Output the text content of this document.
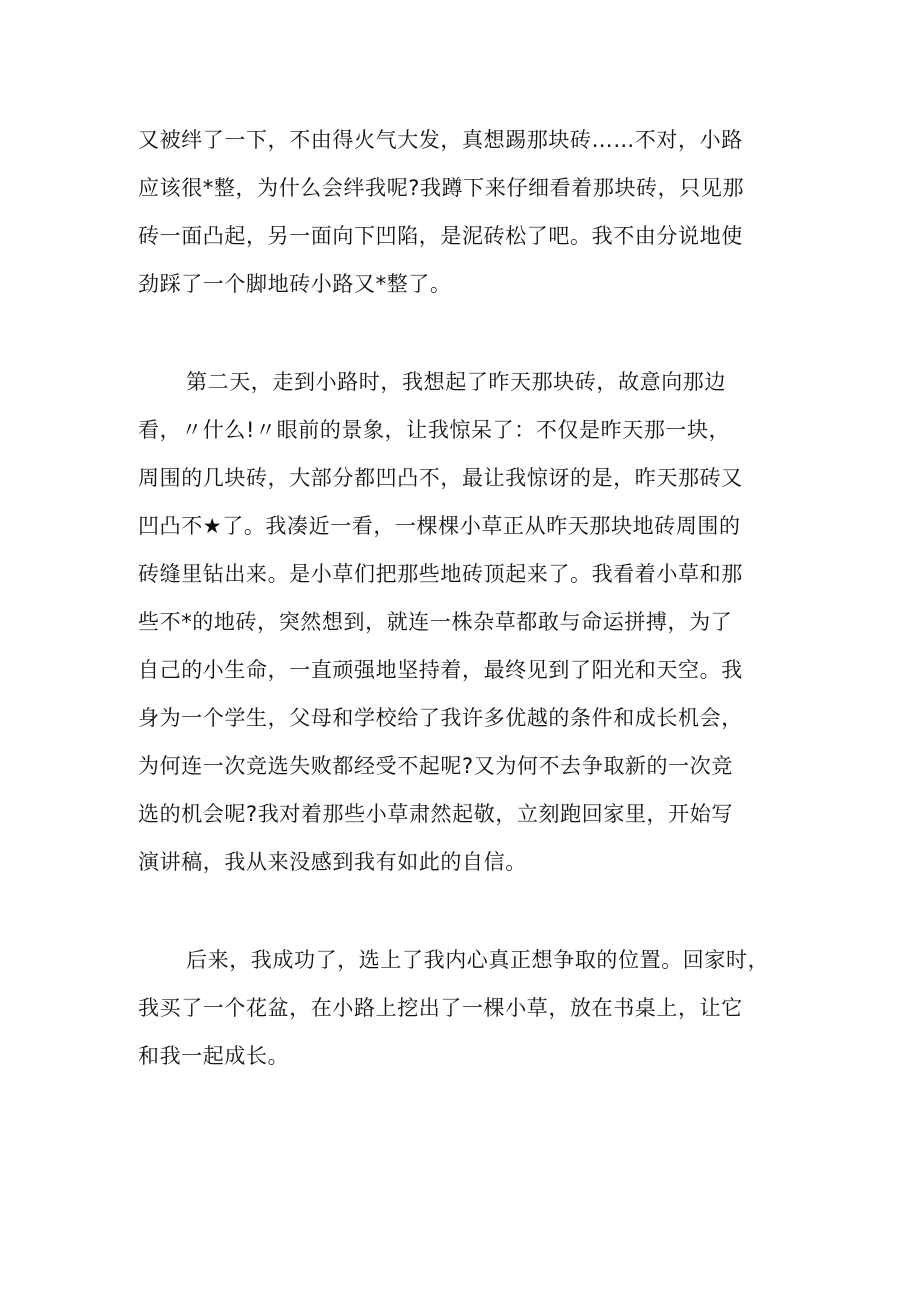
又被绊了一下，不由得火气大发，真想踢那块砖……不对，小路
应该很*整，为什么会绊我呢?我蹲下来仔细看着那块砖，只见那
砖一面凸起，另一面向下凹陷，是泥砖松了吧。我不由分说地使
劲踩了一个脚地砖小路又*整了。
第二天，走到小路时，我想起了昨天那块砖，故意向那边
看，〃什么!〃眼前的景象，让我惊呆了：不仅是昨天那一块，
周围的几块砖，大部分都凹凸不，最让我惊讶的是，昨天那砖又
凹凸不★了。我凑近一看，一棵棵小草正从昨天那块地砖周围的
砖缝里钻出来。是小草们把那些地砖顶起来了。我看着小草和那
些不*的地砖，突然想到，就连一株杂草都敢与命运拼搏，为了
自己的小生命，一直顽强地坚持着，最终见到了阳光和天空。我
身为一个学生，父母和学校给了我许多优越的条件和成长机会，
为何连一次竞选失败都经受不起呢?又为何不去争取新的一次竞
选的机会呢?我对着那些小草肃然起敬，立刻跑回家里，开始写
演讲稿，我从来没感到我有如此的自信。
后来，我成功了，选上了我内心真正想争取的位置。回家时，
我买了一个花盆，在小路上挖出了一棵小草，放在书桌上，让它
和我一起成长。
